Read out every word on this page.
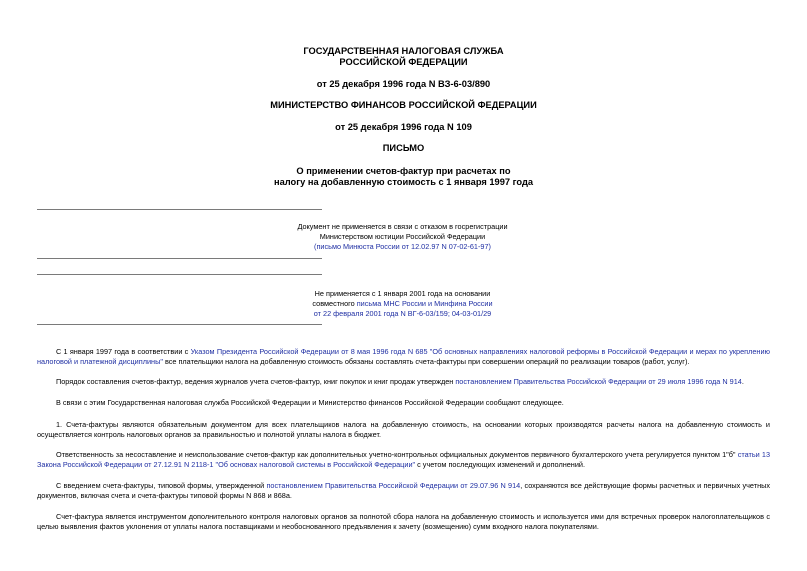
ГОСУДАРСТВЕННАЯ НАЛОГОВАЯ СЛУЖБА
РОССИЙСКОЙ ФЕДЕРАЦИИ
от 25 декабря 1996 года N ВЗ-6-03/890
МИНИСТЕРСТВО ФИНАНСОВ РОССИЙСКОЙ ФЕДЕРАЦИИ
от 25 декабря 1996 года N 109
ПИСЬМО
О применении счетов-фактур при расчетах по
налогу на добавленную стоимость с 1 января 1997 года
Документ не применяется в связи с отказом в госрегистрации
Министерством юстиции Российской Федерации
(письмо Минюста России от 12.02.97 N 07-02-61-97)
Не применяется с 1 января 2001 года на основании
совместного письма МНС России и Минфина России
от 22 февраля 2001 года N ВГ-6-03/159; 04-03-01/29
С 1 января 1997 года в соответствии с Указом Президента Российской Федерации от 8 мая 1996 года N 685 "Об основных направлениях налоговой реформы в Российской Федерации и мерах по укреплению налоговой и платежной дисциплины" все плательщики налога на добавленную стоимость обязаны составлять счета-фактуры при совершении операций по реализации товаров (работ, услуг).
Порядок составления счетов-фактур, ведения журналов учета счетов-фактур, книг покупок и книг продаж утвержден постановлением Правительства Российской Федерации от 29 июля 1996 года N 914.
В связи с этим Государственная налоговая служба Российской Федерации и Министерство финансов Российской Федерации сообщают следующее.
1. Счета-фактуры являются обязательным документом для всех плательщиков налога на добавленную стоимость, на основании которых производятся расчеты налога на добавленную стоимость и осуществляется контроль налоговых органов за правильностью и полнотой уплаты налога в бюджет.
Ответственность за несоставление и неиспользование счетов-фактур как дополнительных учетно-контрольных официальных документов первичного бухгалтерского учета регулируется пунктом 1"б" статьи 13 Закона Российской Федерации от 27.12.91 N 2118-1 "Об основах налоговой системы в Российской Федерации" с учетом последующих изменений и дополнений.
С введением счета-фактуры, типовой формы, утвержденной постановлением Правительства Российской Федерации от 29.07.96 N 914, сохраняются все действующие формы расчетных и первичных учетных документов, включая счета и счета-фактуры типовой формы N 868 и 868а.
Счет-фактура является инструментом дополнительного контроля налоговых органов за полнотой сбора налога на добавленную стоимость и используется ими для встречных проверок налогоплательщиков с целью выявления фактов уклонения от уплаты налога поставщиками и необоснованного предъявления к зачету (возмещению) сумм входного налога покупателями.
